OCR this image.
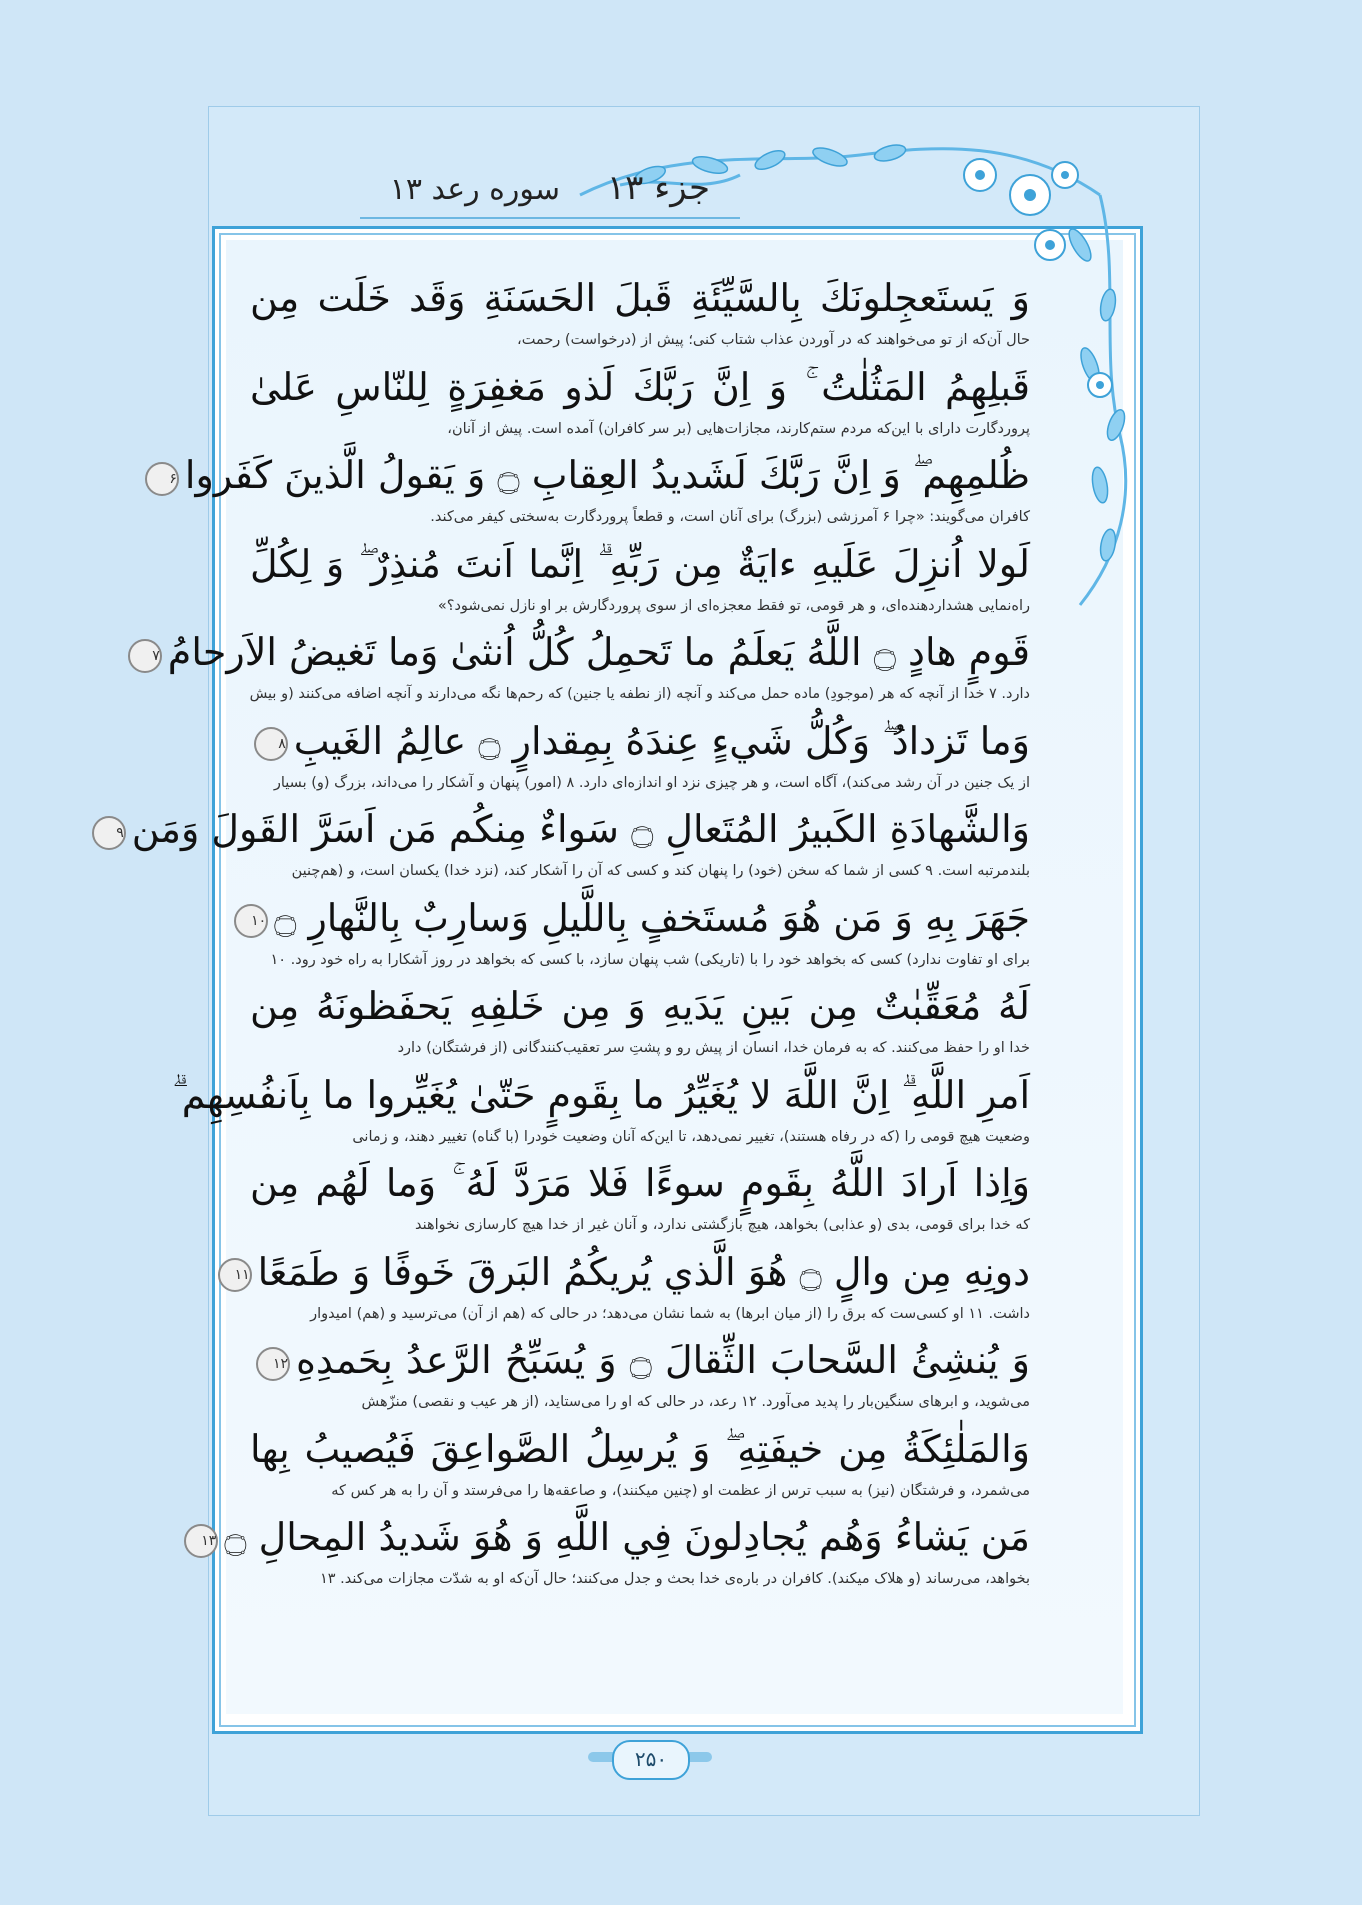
جزء ۱۳
سوره رعد ۱۳
وَ يَستَعجِلونَكَ بِالسَّيِّئَةِ قَبلَ الحَسَنَةِ وَقَد خَلَت مِن
حال آن‌که از تو می‌خواهند که در آوردن عذاب شتاب کنی؛ پیش از (درخواست) رحمت،
قَبلِهِمُ المَثُلٰتُ ۚ وَ اِنَّ رَبَّكَ لَذو مَغفِرَةٍ لِلنّاسِ عَلىٰ
پروردگارت دارای با این‌که مردم ستم‌کارند، مجازات‌هایی (بر سر کافران) آمده است. پیش از آنان،
ظُلمِهِم ۖ وَ اِنَّ رَبَّكَ لَشَديدُ العِقابِ ۝ وَ يَقولُ الَّذينَ كَفَروا۶
کافران می‌گویند: «چرا ۶ آمرزشی (بزرگ) برای آنان است، و قطعاً پروردگارت به‌سختی کیفر می‌کند.
لَولا اُنزِلَ عَلَيهِ ءايَةٌ مِن رَبِّهِ ۗ اِنَّما اَنتَ مُنذِرٌ ۖ وَ لِكُلِّ
راه‌نمایی هشداردهنده‌ای، و هر قومی، تو فقط معجزه‌ای از سوی پروردگارش بر او نازل نمی‌شود؟»
قَومٍ هادٍ ۝ اللَّهُ يَعلَمُ ما تَحمِلُ كُلُّ اُنثىٰ وَما تَغيضُ الاَرحامُ۷
دارد. ۷ خدا از آنچه که هر (موجودِ) ماده حمل می‌کند و آنچه (از نطفه یا جنین) که رحم‌ها نگه می‌دارند و آنچه اضافه می‌کنند (و بیش
وَما تَزدادُ ۖ وَكُلُّ شَيءٍ عِندَهُ بِمِقدارٍ ۝ عالِمُ الغَيبِ۸
از یک جنین در آن رشد می‌کند)، آگاه است، و هر چیزی نزد او اندازه‌ای دارد. ۸ (امور) پنهان و آشکار را می‌داند، بزرگ (و) بسیار
وَالشَّهادَةِ الكَبيرُ المُتَعالِ ۝ سَواءٌ مِنكُم مَن اَسَرَّ القَولَ وَمَن۹
بلندمرتبه است. ۹ کسی از شما که سخن (خود) را پنهان کند و کسی که آن را آشکار کند، (نزد خدا) یکسان است، و (هم‌چنین
جَهَرَ بِهِ وَ مَن هُوَ مُستَخفٍ بِاللَّيلِ وَسارِبٌ بِالنَّهارِ ۝۱۰
برای او تفاوت ندارد) کسی که بخواهد خود را با (تاریکی) شب پنهان سازد، با کسی که بخواهد در روز آشکارا به راه خود رود. ۱۰
لَهُ مُعَقِّبٰتٌ مِن بَينِ يَدَيهِ وَ مِن خَلفِهِ يَحفَظونَهُ مِن
خدا او را حفظ می‌کنند. که به فرمان خدا، انسان از پیش رو و پشتِ سر تعقیب‌کنندگانی (از فرشتگان) دارد
اَمرِ اللَّهِ ۗ اِنَّ اللَّهَ لا يُغَيِّرُ ما بِقَومٍ حَتّىٰ يُغَيِّروا ما بِاَنفُسِهِم ۗ
وضعیت هیچ قومی را (که در رفاه هستند)، تغییر نمی‌دهد، تا این‌که آنان وضعیت خودرا (با گناه) تغییر دهند، و زمانی
وَاِذا اَرادَ اللَّهُ بِقَومٍ سوءًا فَلا مَرَدَّ لَهُ ۚ وَما لَهُم مِن
که خدا برای قومی، بدی (و عذابی) بخواهد، هیچ بازگشتی ندارد، و آنان غیر از خدا هیچ کارسازی نخواهند
دونِهِ مِن والٍ ۝ هُوَ الَّذي يُريكُمُ البَرقَ خَوفًا وَ طَمَعًا۱۱
داشت. ۱۱ او کسی‌ست که برق را (از میان ابرها) به شما نشان می‌دهد؛ در حالی که (هم از آن) می‌ترسید و (هم) امیدوار
وَ يُنشِئُ السَّحابَ الثِّقالَ ۝ وَ يُسَبِّحُ الرَّعدُ بِحَمدِهِ۱۲
می‌شوید، و ابرهای سنگین‌بار را پدید می‌آورد. ۱۲ رعد، در حالی که او را می‌ستاید، (از هر عیب و نقصی) منزّهش
وَالمَلٰئِكَةُ مِن خيفَتِهِ ۖ وَ يُرسِلُ الصَّواعِقَ فَيُصيبُ بِها
می‌شمرد، و فرشتگان (نیز) به سبب ترس از عظمت او (چنین میکنند)، و صاعقه‌ها را می‌فرستد و آن را به هر کس که
مَن يَشاءُ وَهُم يُجادِلونَ فِي اللَّهِ وَ هُوَ شَديدُ المِحالِ ۝۱۳
بخواهد، می‌رساند (و هلاک میکند). کافران در باره‌ی خدا بحث و جدل می‌کنند؛ حال آن‌که او به شدّت مجازات می‌کند. ۱۳
۲۵۰
